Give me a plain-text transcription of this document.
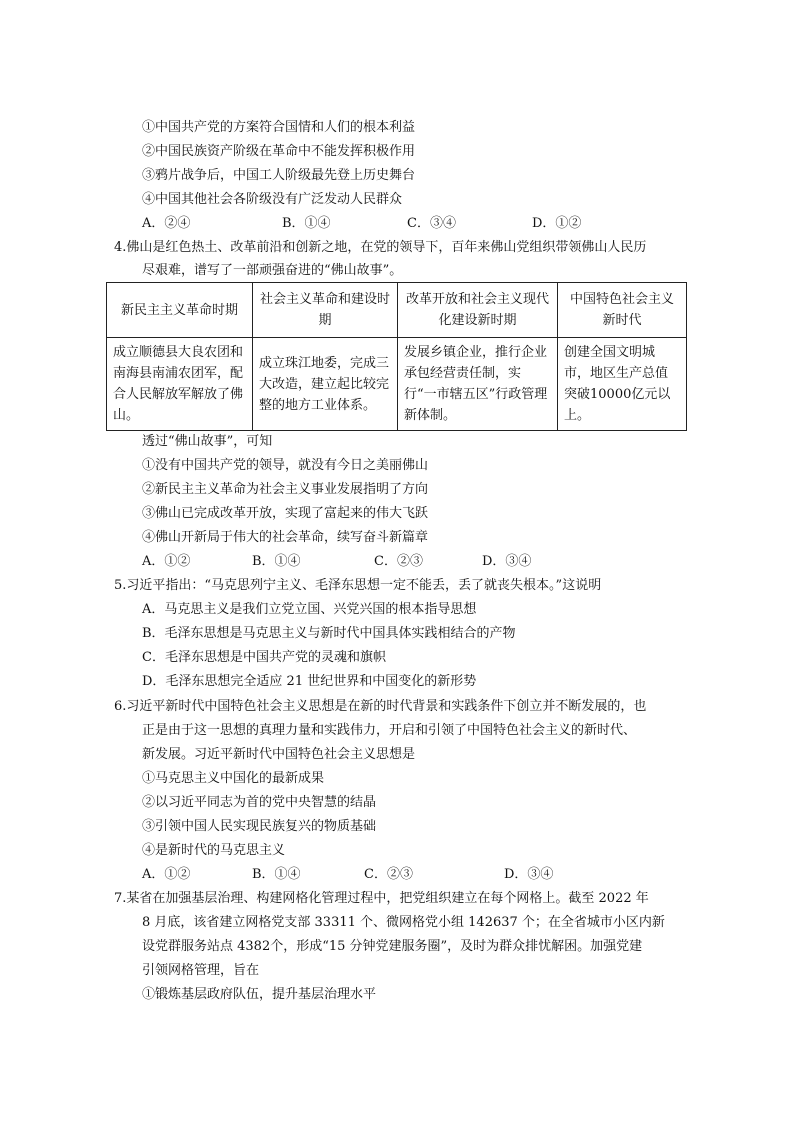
①中国共产党的方案符合国情和人们的根本利益
②中国民族资产阶级在革命中不能发挥积极作用
③鸦片战争后，中国工人阶级最先登上历史舞台
④中国其他社会各阶级没有广泛发动人民群众
A．②④	B．①④	C．③④	D．①②
4.佛山是红色热土、改革前沿和创新之地，在党的领导下，百年来佛山党组织带领佛山人民历
尽艰难，谱写了一部顽强奋进的“佛山故事”。
新民主主义革命时期	社会主义革命和建设时期	改革开放和社会主义现代化建设新时期	中国特色社会主义新时代
成立顺德县大良农团和南海县南浦农团军，配合人民解放军解放了佛山。	成立珠江地委，完成三大改造，建立起比较完整的地方工业体系。	发展乡镇企业，推行企业承包经营责任制，实行“一市辖五区”行政管理新体制。	创建全国文明城市，地区生产总值突破10000亿元以上。
透过“佛山故事”，可知
①没有中国共产党的领导，就没有今日之美丽佛山
②新民主主义革命为社会主义事业发展指明了方向
③佛山已完成改革开放，实现了富起来的伟大飞跃
④佛山开新局于伟大的社会革命，续写奋斗新篇章
A．①②	B．①④	C．②③	D．③④
5.习近平指出：“马克思列宁主义、毛泽东思想一定不能丢，丢了就丧失根本。”这说明
A．马克思主义是我们立党立国、兴党兴国的根本指导思想
B．毛泽东思想是马克思主义与新时代中国具体实践相结合的产物
C．毛泽东思想是中国共产党的灵魂和旗帜
D．毛泽东思想完全适应 21 世纪世界和中国变化的新形势
6.习近平新时代中国特色社会主义思想是在新的时代背景和实践条件下创立并不断发展的，也
正是由于这一思想的真理力量和实践伟力，开启和引领了中国特色社会主义的新时代、
新发展。习近平新时代中国特色社会主义思想是
①马克思主义中国化的最新成果
②以习近平同志为首的党中央智慧的结晶
③引领中国人民实现民族复兴的物质基础
④是新时代的马克思主义
A．①②	B．①④	C．②③	D．③④
7.某省在加强基层治理、构建网格化管理过程中，把党组织建立在每个网格上。截至 2022 年
8 月底，该省建立网格党支部 33311 个、微网格党小组 142637 个；在全省城市小区内新
设党群服务站点 4382个，形成“15 分钟党建服务圈”，及时为群众排忧解困。加强党建
引领网格管理，旨在
①锻炼基层政府队伍，提升基层治理水平
